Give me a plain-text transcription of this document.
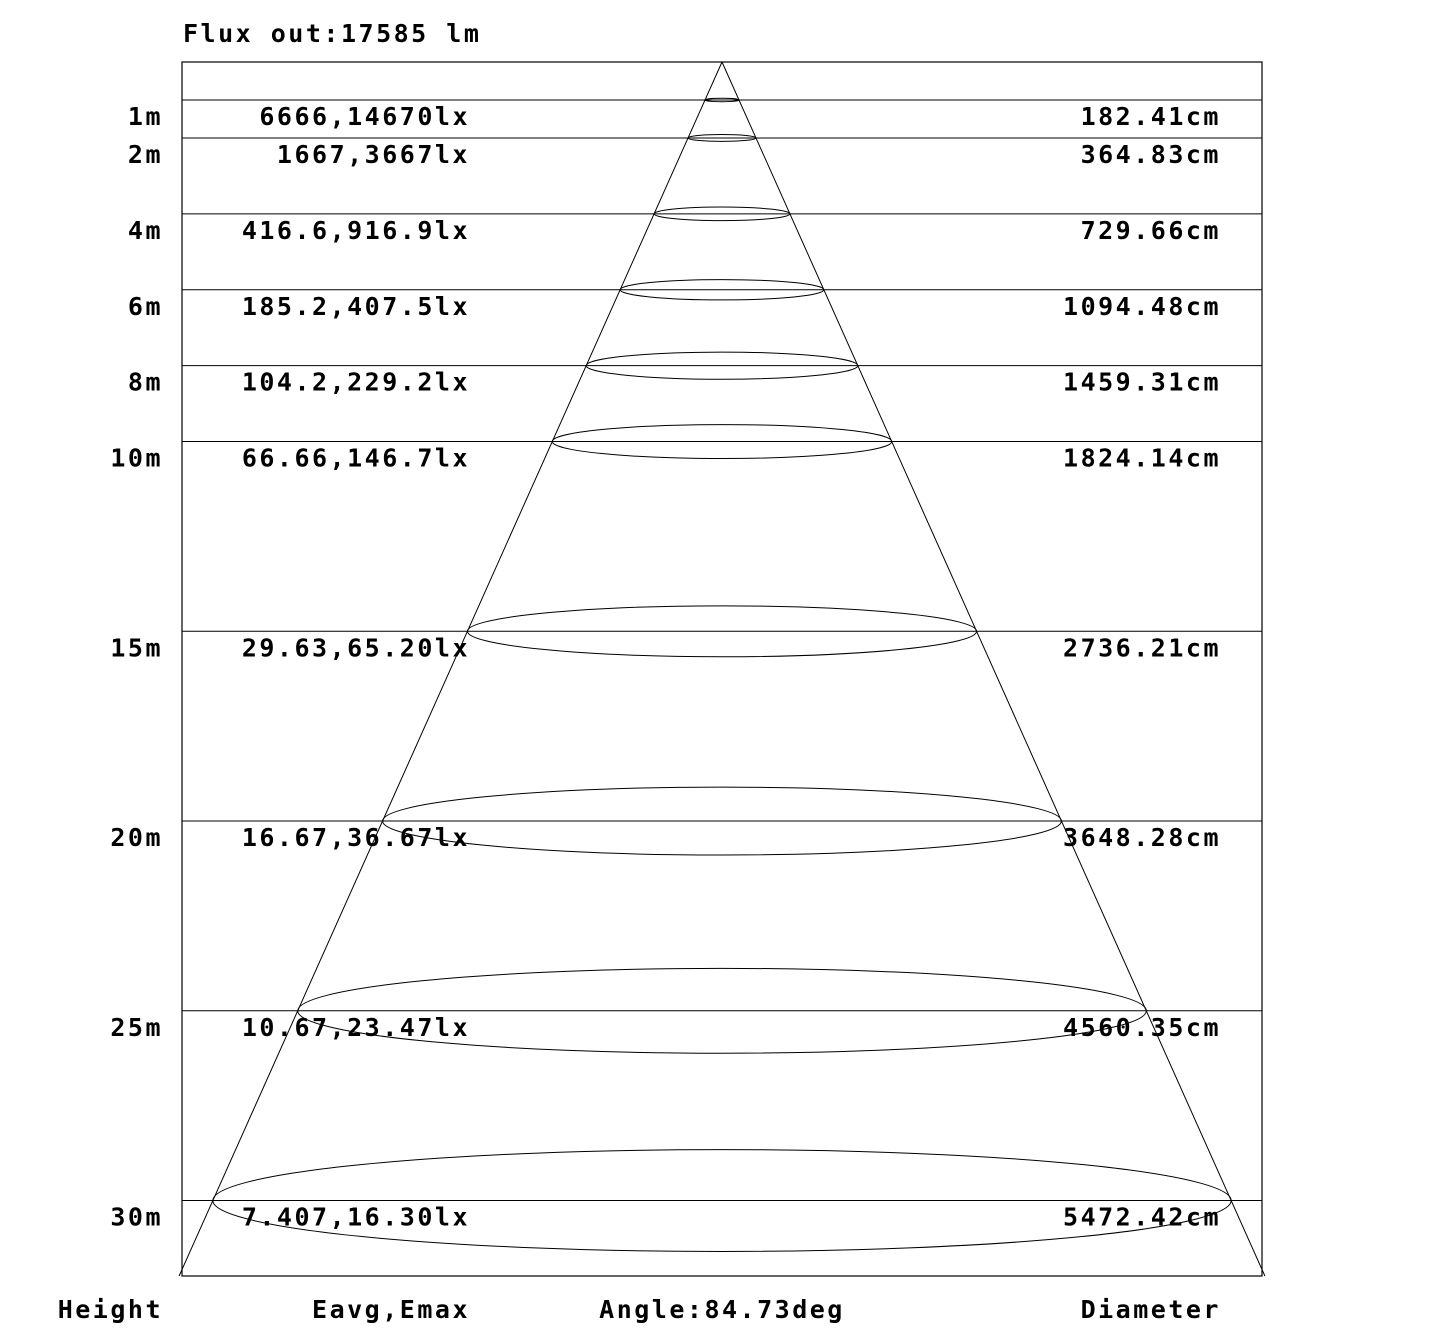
Flux out:17585 lm
1m	6666,14670lx	182.41cm
2m	1667,3667lx	364.83cm
4m	416.6,916.9lx	729.66cm
6m	185.2,407.5lx	1094.48cm
8m	104.2,229.2lx	1459.31cm
10m	66.66,146.7lx	1824.14cm
15m	29.63,65.20lx	2736.21cm
20m	16.67,36.67lx	3648.28cm
25m	10.67,23.47lx	4560.35cm
30m	7.407,16.30lx	5472.42cm
Height	Eavg,Emax	Angle:84.73deg	Diameter
